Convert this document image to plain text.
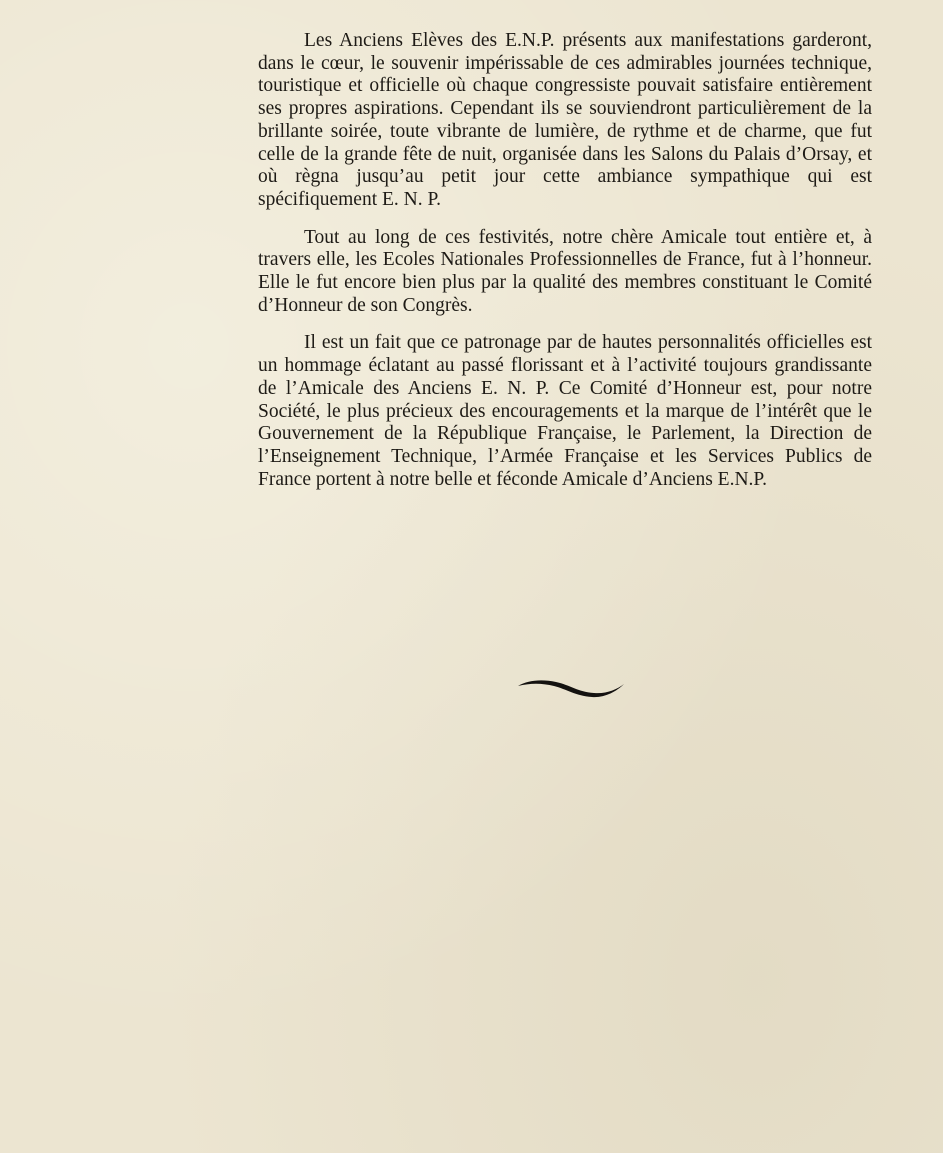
Les Anciens Elèves des E.N.P. présents aux manifestations garderont, dans le cœur, le souvenir impérissable de ces admirables journées technique, touristique et officielle où chaque congressiste pouvait satisfaire entièrement ses propres aspirations. Cependant ils se souviendront particulièrement de la brillante soirée, toute vibrante de lumière, de rythme et de charme, que fut celle de la grande fête de nuit, organisée dans les Salons du Palais d’Orsay, et où règna jusqu’au petit jour cette ambiance sympathique qui est spécifiquement E. N. P.

Tout au long de ces festivités, notre chère Amicale tout entière et, à travers elle, les Ecoles Nationales Professionnelles de France, fut à l’honneur. Elle le fut encore bien plus par la qualité des membres constituant le Comité d’Honneur de son Congrès.

Il est un fait que ce patronage par de hautes personnalités officielles est un hommage éclatant au passé florissant et à l’activité toujours grandissante de l’Amicale des Anciens E. N. P. Ce Comité d’Honneur est, pour notre Société, le plus précieux des encouragements et la marque de l’intérêt que le Gouvernement de la République Française, le Parlement, la Direction de l’Enseignement Technique, l’Armée Française et les Services Publics de France portent à notre belle et féconde Amicale d’Anciens E.N.P.
